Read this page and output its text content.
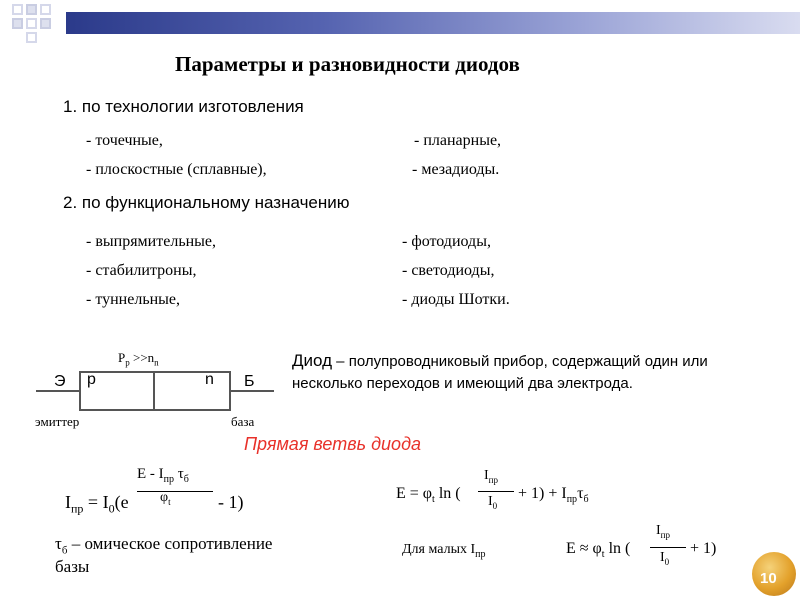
Параметры и разновидности диодов
1. по технологии изготовления
- точечные,
- плоскостные (сплавные),
- планарные,
- мезадиоды.
2. по функциональному назначению
- выпрямительные,
- стабилитроны,
- туннельные,
- фотодиоды,
- светодиоды,
- диоды Шотки.
$P_p >>n_n$
Э	Б
p	n
эмиттер	база
Диод – полупроводниковый прибор, содержащий один или несколько переходов и имеющий два электрода.
Прямая ветвь диода
E - $I_{пр}$ $\tau_б$
$\varphi_t$
$I_{пр} = I_0(e$	- 1)	$E = \varphi_t$ ln (
$I_{пр}$
$I_0$
+ $1) + I_{пр}\tau_б$
$\tau_б$ – омическое сопротивление
базы
Для малых $I_{пр}$	$E \approx \varphi_t$ ln (
$I_{пр}$
$I_0$
+ 1)
10
